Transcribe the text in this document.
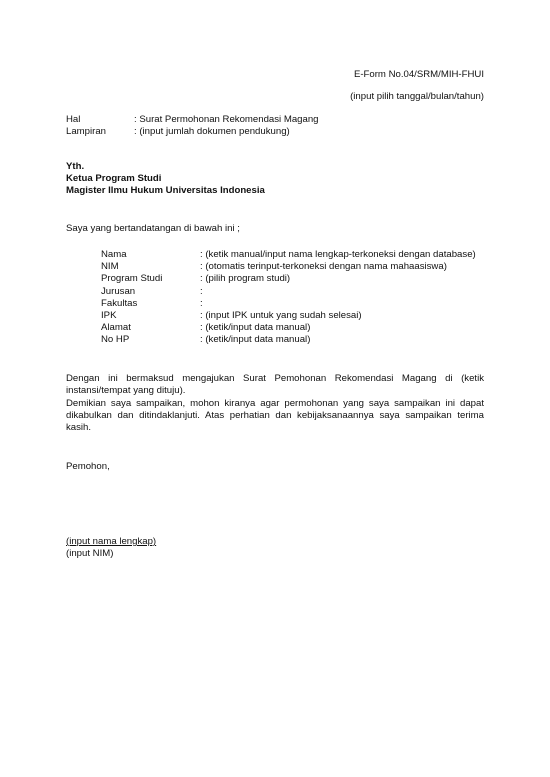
E-Form No.04/SRM/MIH-FHUI
(input pilih tanggal/bulan/tahun)
Hal	: Surat Permohonan Rekomendasi Magang
Lampiran	: (input jumlah dokumen pendukung)
Yth.
Ketua Program Studi
Magister Ilmu Hukum Universitas Indonesia
Saya yang bertandatangan di bawah ini ;
Nama	: (ketik manual/input nama lengkap-terkoneksi dengan database)
NIM	: (otomatis terinput-terkoneksi dengan nama mahaasiswa)
Program Studi	: (pilih program studi)
Jurusan	:
Fakultas	:
IPK	: (input IPK untuk yang sudah selesai)
Alamat	: (ketik/input data manual)
No HP	: (ketik/input data manual)
Dengan ini bermaksud mengajukan Surat Pemohonan Rekomendasi Magang di (ketik instansi/tempat yang dituju).
Demikian saya sampaikan, mohon kiranya agar permohonan yang saya sampaikan ini dapat dikabulkan dan ditindaklanjuti. Atas perhatian dan kebijaksanaannya saya sampaikan terima kasih.
Pemohon,
(input nama lengkap)
(input NIM)
